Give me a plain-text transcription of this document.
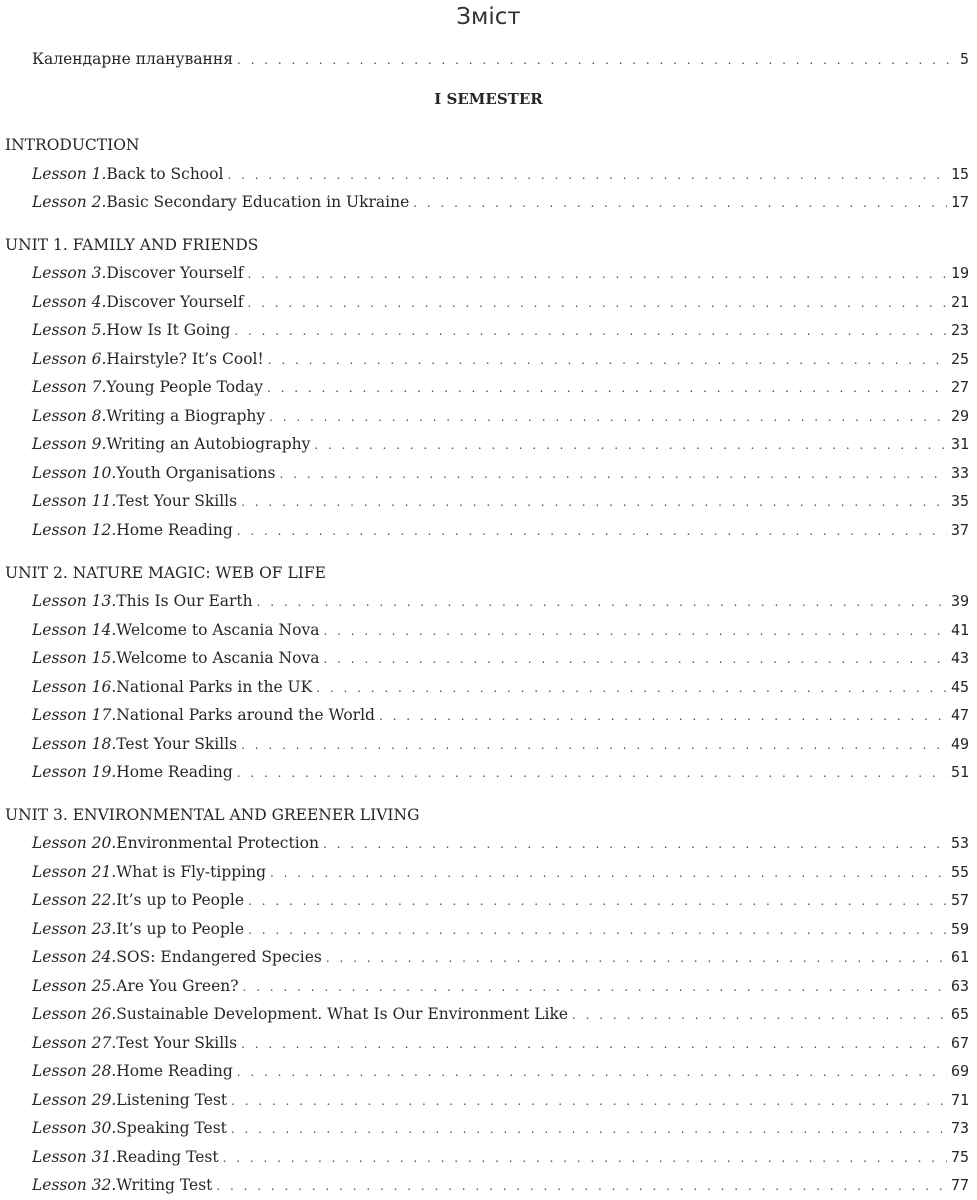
Зміст
Календарне планування . . .	5
I SEMESTER
INTRODUCTION
Lesson 1. Back to School . . .	15
Lesson 2. Basic Secondary Education in Ukraine . . .	17
UNIT 1. FAMILY AND FRIENDS
Lesson 3. Discover Yourself . . .	19
Lesson 4. Discover Yourself . . .	21
Lesson 5. How Is It Going . . .	23
Lesson 6. Hairstyle? It’s Cool! . . .	25
Lesson 7. Young People Today . . .	27
Lesson 8. Writing a Biography . . .	29
Lesson 9. Writing an Autobiography . . .	31
Lesson 10. Youth Organisations . . .	33
Lesson 11. Test Your Skills . . .	35
Lesson 12. Home Reading . . .	37
UNIT 2. NATURE MAGIC: WEB OF LIFE
Lesson 13. This Is Our Earth . . .	39
Lesson 14. Welcome to Ascania Nova . . .	41
Lesson 15. Welcome to Ascania Nova . . .	43
Lesson 16. National Parks in the UK . . .	45
Lesson 17. National Parks around the World . . .	47
Lesson 18. Test Your Skills . . .	49
Lesson 19. Home Reading . . .	51
UNIT 3. ENVIRONMENTAL AND GREENER LIVING
Lesson 20. Environmental Protection . . .	53
Lesson 21. What is Fly-tipping . . .	55
Lesson 22. It’s up to People . . .	57
Lesson 23. It’s up to People . . .	59
Lesson 24. SOS: Endangered Species . . .	61
Lesson 25. Are You Green? . . .	63
Lesson 26. Sustainable Development. What Is Our Environment Like . . .	65
Lesson 27. Test Your Skills . . .	67
Lesson 28. Home Reading . . .	69
Lesson 29. Listening Test . . .	71
Lesson 30. Speaking Test . . .	73
Lesson 31. Reading Test . . .	75
Lesson 32. Writing Test . . .	77
